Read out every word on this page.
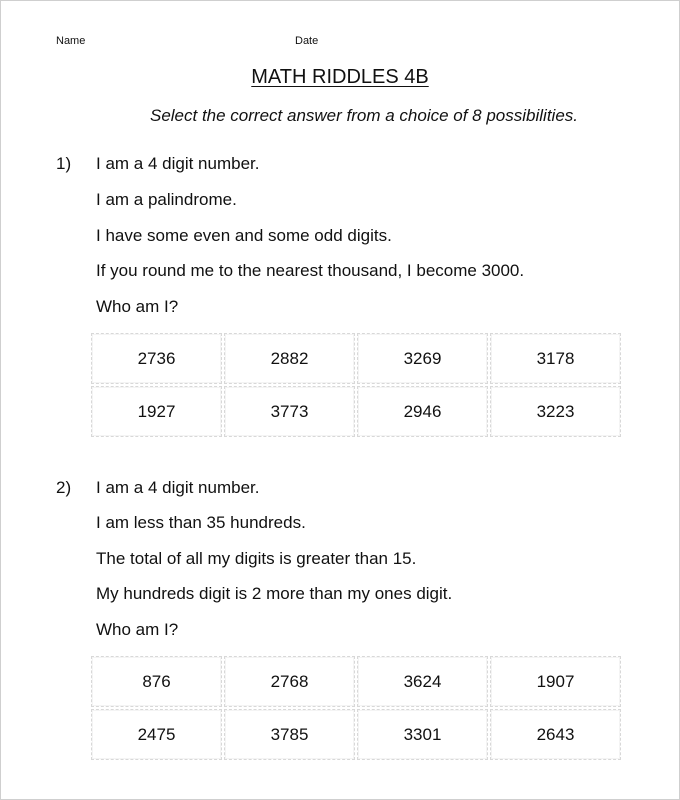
Name	Date
MATH RIDDLES 4B
Select the correct answer from a choice of 8 possibilities.
1) I am a 4 digit number.
I am a palindrome.
I have some even and some odd digits.
If you round me to the nearest thousand, I become 3000.
Who am I?
2736	2882	3269	3178
1927	3773	2946	3223
2) I am a 4 digit number.
I am less than 35 hundreds.
The total of all my digits is greater than 15.
My hundreds digit is 2 more than my ones digit.
Who am I?
876	2768	3624	1907
2475	3785	3301	2643
